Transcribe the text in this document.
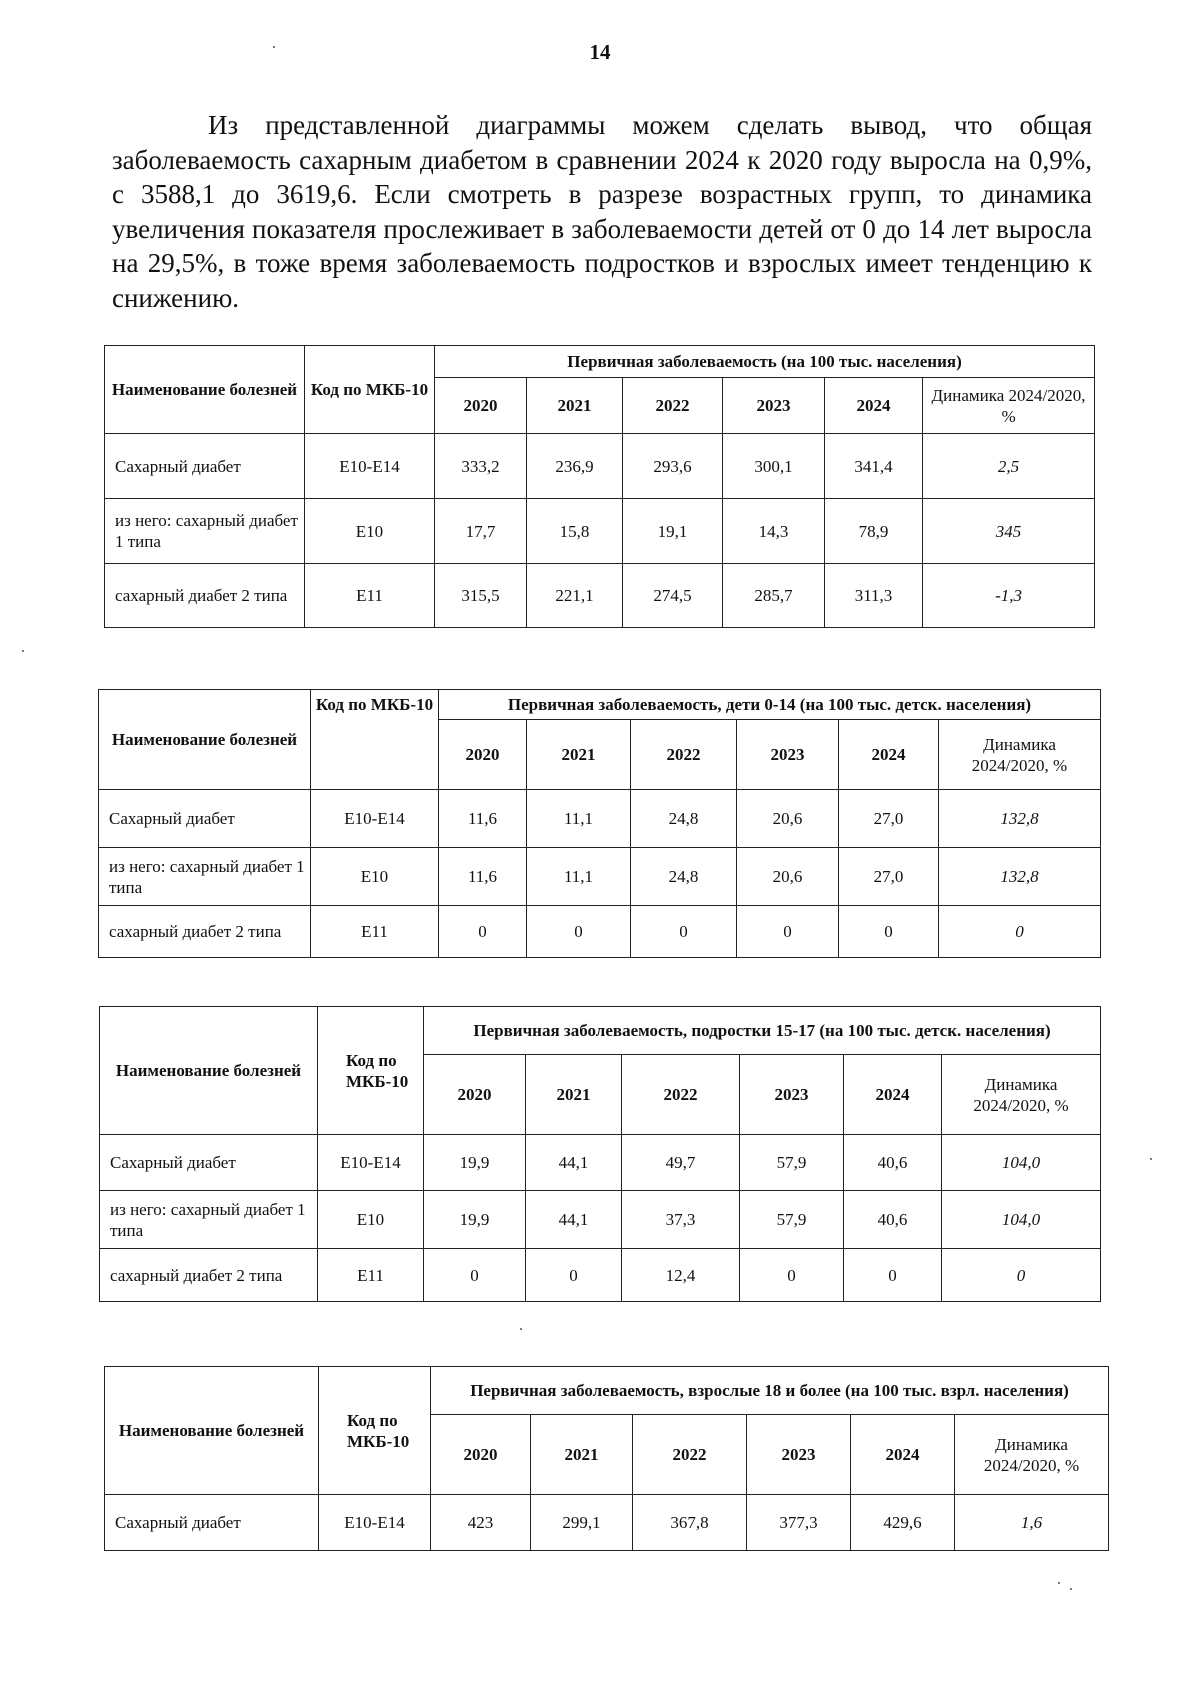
14

Из представленной диаграммы можем сделать вывод, что общая заболеваемость сахарным диабетом в сравнении 2024 к 2020 году выросла на 0,9%, с 3588,1 до 3619,6. Если смотреть в разрезе возрастных групп, то динамика увеличения показателя прослеживает в заболеваемости детей от 0 до 14 лет выросла на 29,5%, в тоже время заболеваемость подростков и взрослых имеет тенденцию к снижению.

Наименование болезней	Код по МКБ-10	Первичная заболеваемость (на 100 тыс. населения)					
		2020	2021	2022	2023	2024	Динамика 2024/2020, %
Сахарный диабет	Е10-Е14	333,2	236,9	293,6	300,1	341,4	2,5
из него: сахарный диабет 1 типа	Е10	17,7	15,8	19,1	14,3	78,9	345
сахарный диабет 2 типа	Е11	315,5	221,1	274,5	285,7	311,3	-1,3
Наименование болезней	Код по МКБ-10	Первичная заболеваемость, дети 0-14 (на 100 тыс. детск. населения)					
		2020	2021	2022	2023	2024	Динамика 2024/2020, %
Сахарный диабет	Е10-Е14	11,6	11,1	24,8	20,6	27,0	132,8
из него: сахарный диабет 1 типа	Е10	11,6	11,1	24,8	20,6	27,0	132,8
сахарный диабет 2 типа	Е11	0	0	0	0	0	0
Наименование болезней	Код по МКБ-10	Первичная заболеваемость, подростки 15-17 (на 100 тыс. детск. населения)					
		2020	2021	2022	2023	2024	Динамика 2024/2020, %
Сахарный диабет	Е10-Е14	19,9	44,1	49,7	57,9	40,6	104,0
из него: сахарный диабет 1 типа	Е10	19,9	44,1	37,3	57,9	40,6	104,0
сахарный диабет 2 типа	Е11	0	0	12,4	0	0	0
Наименование болезней	Код по МКБ-10	Первичная заболеваемость, взрослые 18 и более (на 100 тыс. взрл. населения)					
		2020	2021	2022	2023	2024	Динамика 2024/2020, %
Сахарный диабет	Е10-Е14	423	299,1	367,8	377,3	429,6	1,6
